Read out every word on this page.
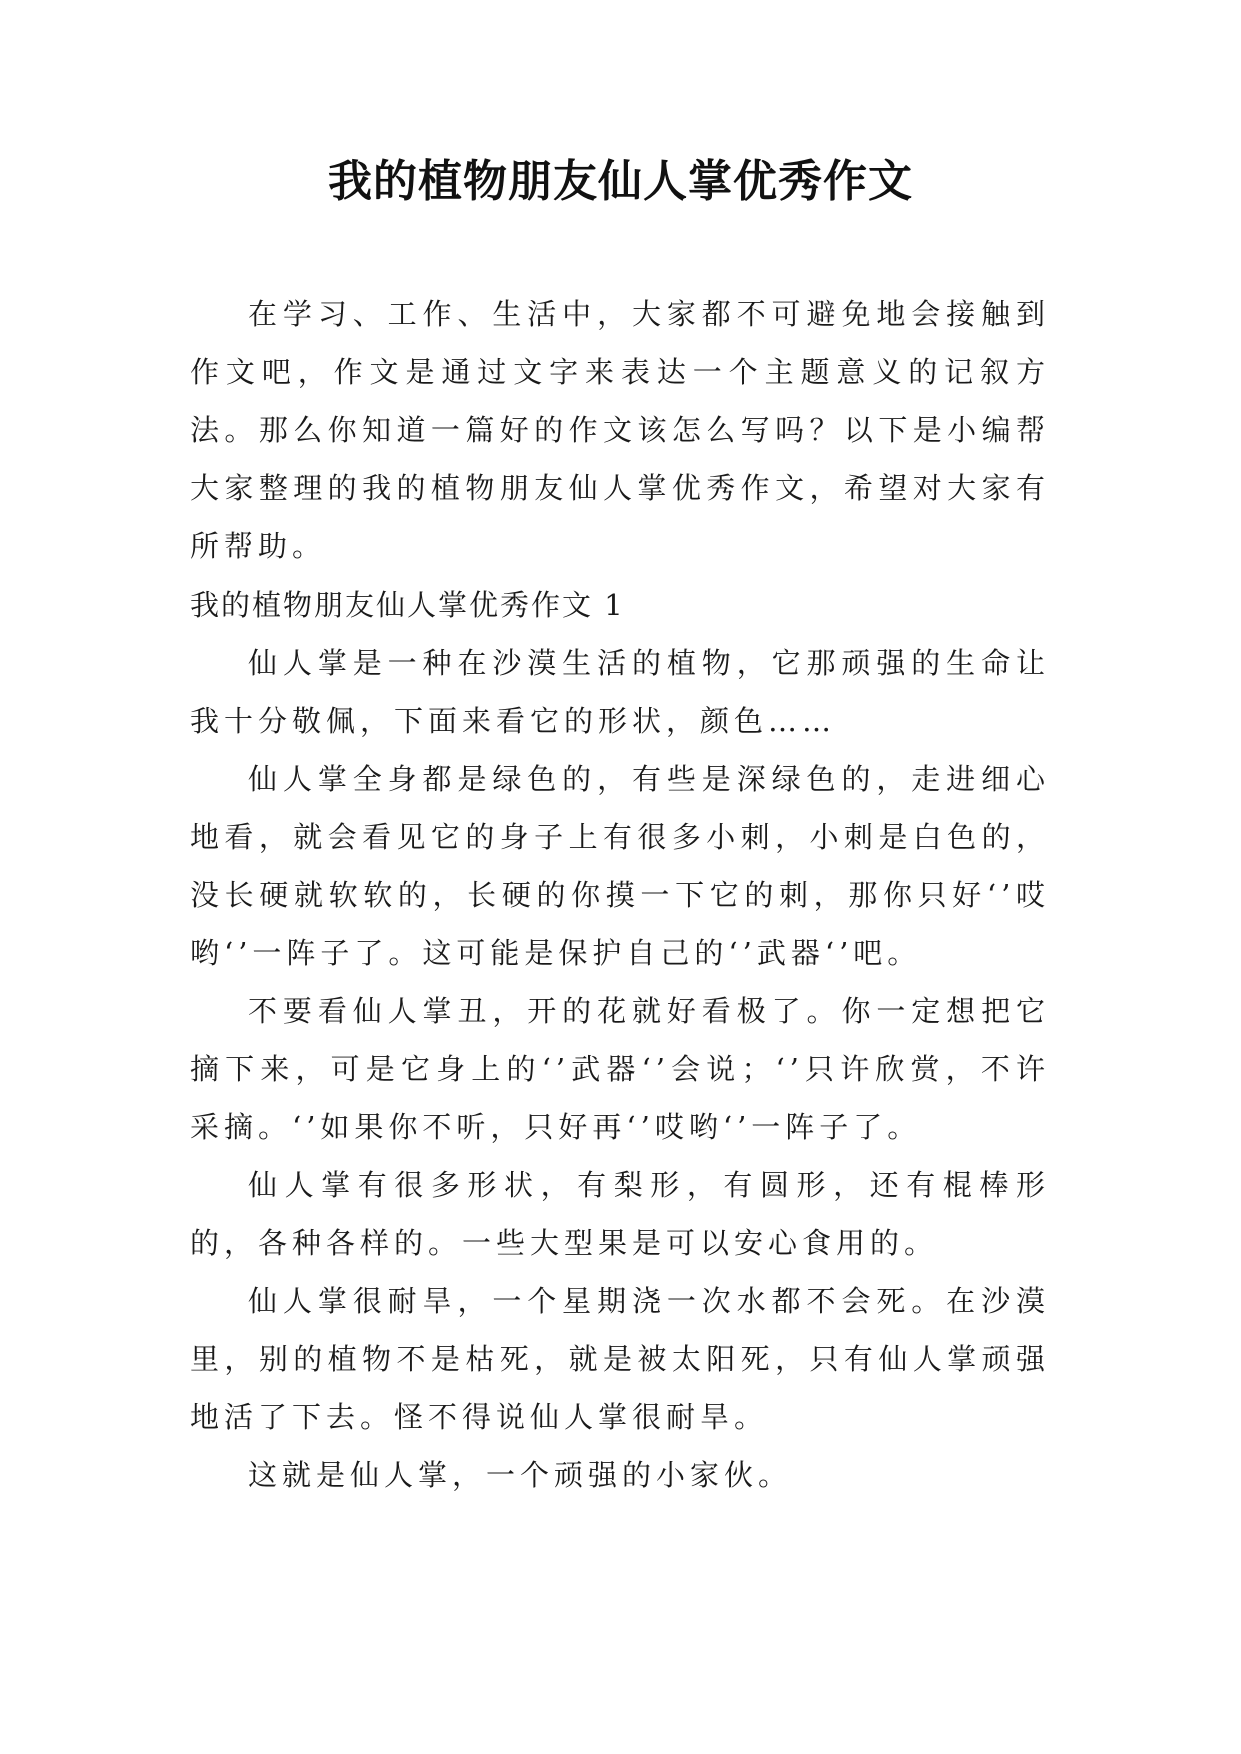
我的植物朋友仙人掌优秀作文

在学习、工作、生活中，大家都不可避免地会接触到作文吧，作文是通过文字来表达一个主题意义的记叙方法。那么你知道一篇好的作文该怎么写吗？以下是小编帮大家整理的我的植物朋友仙人掌优秀作文，希望对大家有所帮助。

我的植物朋友仙人掌优秀作文 1

仙人掌是一种在沙漠生活的植物，它那顽强的生命让我十分敬佩，下面来看它的形状，颜色……

仙人掌全身都是绿色的，有些是深绿色的，走进细心地看，就会看见它的身子上有很多小刺，小刺是白色的，没长硬就软软的，长硬的你摸一下它的刺，那你只好‘’哎哟‘’一阵子了。这可能是保护自己的‘’武器‘’吧。

不要看仙人掌丑，开的花就好看极了。你一定想把它摘下来，可是它身上的‘’武器‘’会说；‘’只许欣赏，不许采摘。‘’如果你不听，只好再‘’哎哟‘’一阵子了。

仙人掌有很多形状，有梨形，有圆形，还有棍棒形的，各种各样的。一些大型果是可以安心食用的。

仙人掌很耐旱，一个星期浇一次水都不会死。在沙漠里，别的植物不是枯死，就是被太阳死，只有仙人掌顽强地活了下去。怪不得说仙人掌很耐旱。

这就是仙人掌，一个顽强的小家伙。
